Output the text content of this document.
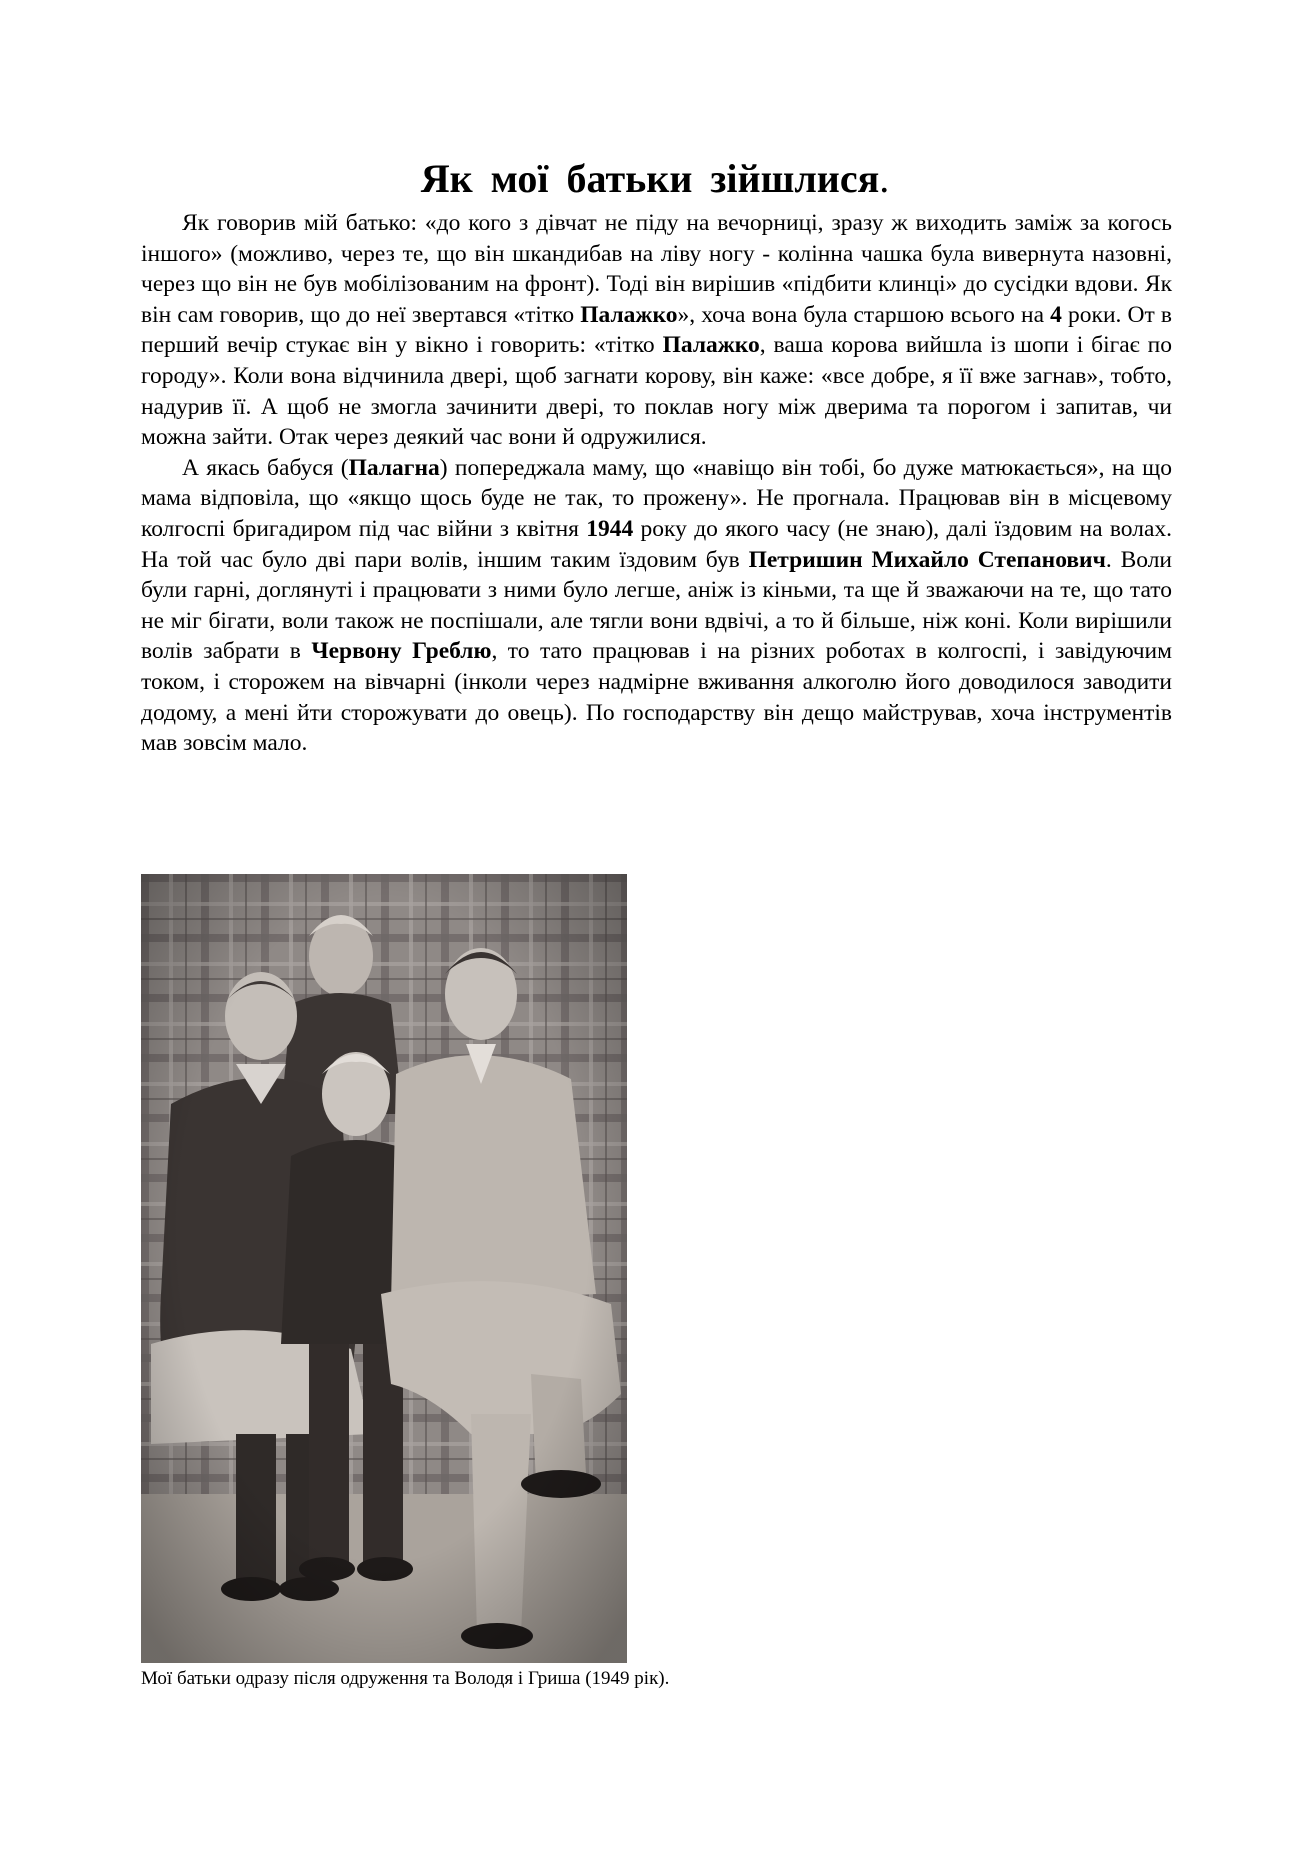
Як мої батьки зійшлися.

Як говорив мій батько: «до кого з дівчат не піду на вечорниці, зразу ж виходить заміж за когось іншого» (можливо, через те, що він шкандибав на ліву ногу - колінна чашка була вивернута назовні, через що він не був мобілізованим на фронт). Тоді він вирішив «підбити клинці» до сусідки вдови. Як він сам говорив, що до неї звертався «тітко Палажко», хоча вона була старшою всього на 4 роки. От в перший вечір стукає він у вікно і говорить: «тітко Палажко, ваша корова вийшла із шопи і бігає по городу». Коли вона відчинила двері, щоб загнати корову, він каже: «все добре, я її вже загнав», тобто, надурив її. А щоб не змогла зачинити двері, то поклав ногу між дверима та порогом і запитав, чи можна зайти. Отак через деякий час вони й одружилися.

А якась бабуся (Палагна) попереджала маму, що «навіщо він тобі, бо дуже матюкається», на що мама відповіла, що «якщо щось буде не так, то прожену». Не прогнала. Працював він в місцевому колгоспі бригадиром під час війни з квітня 1944 року до якого часу (не знаю), далі їздовим на волах. На той час було дві пари волів, іншим таким їздовим був Петришин Михайло Степанович. Воли були гарні, доглянуті і працювати з ними було легше, аніж із кіньми, та ще й зважаючи на те, що тато не міг бігати, воли також не поспішали, але тягли вони вдвічі, а то й більше, ніж коні. Коли вирішили волів забрати в Червону Греблю, то тато працював і на різних роботах в колгоспі, і завідуючим током, і сторожем на вівчарні (інколи через надмірне вживання алкоголю його доводилося заводити додому, а мені йти сторожувати до овець). По господарству він дещо майстрував, хоча інструментів мав зовсім мало.

Мої батьки одразу після одруження та Володя і Гриша (1949 рік).
